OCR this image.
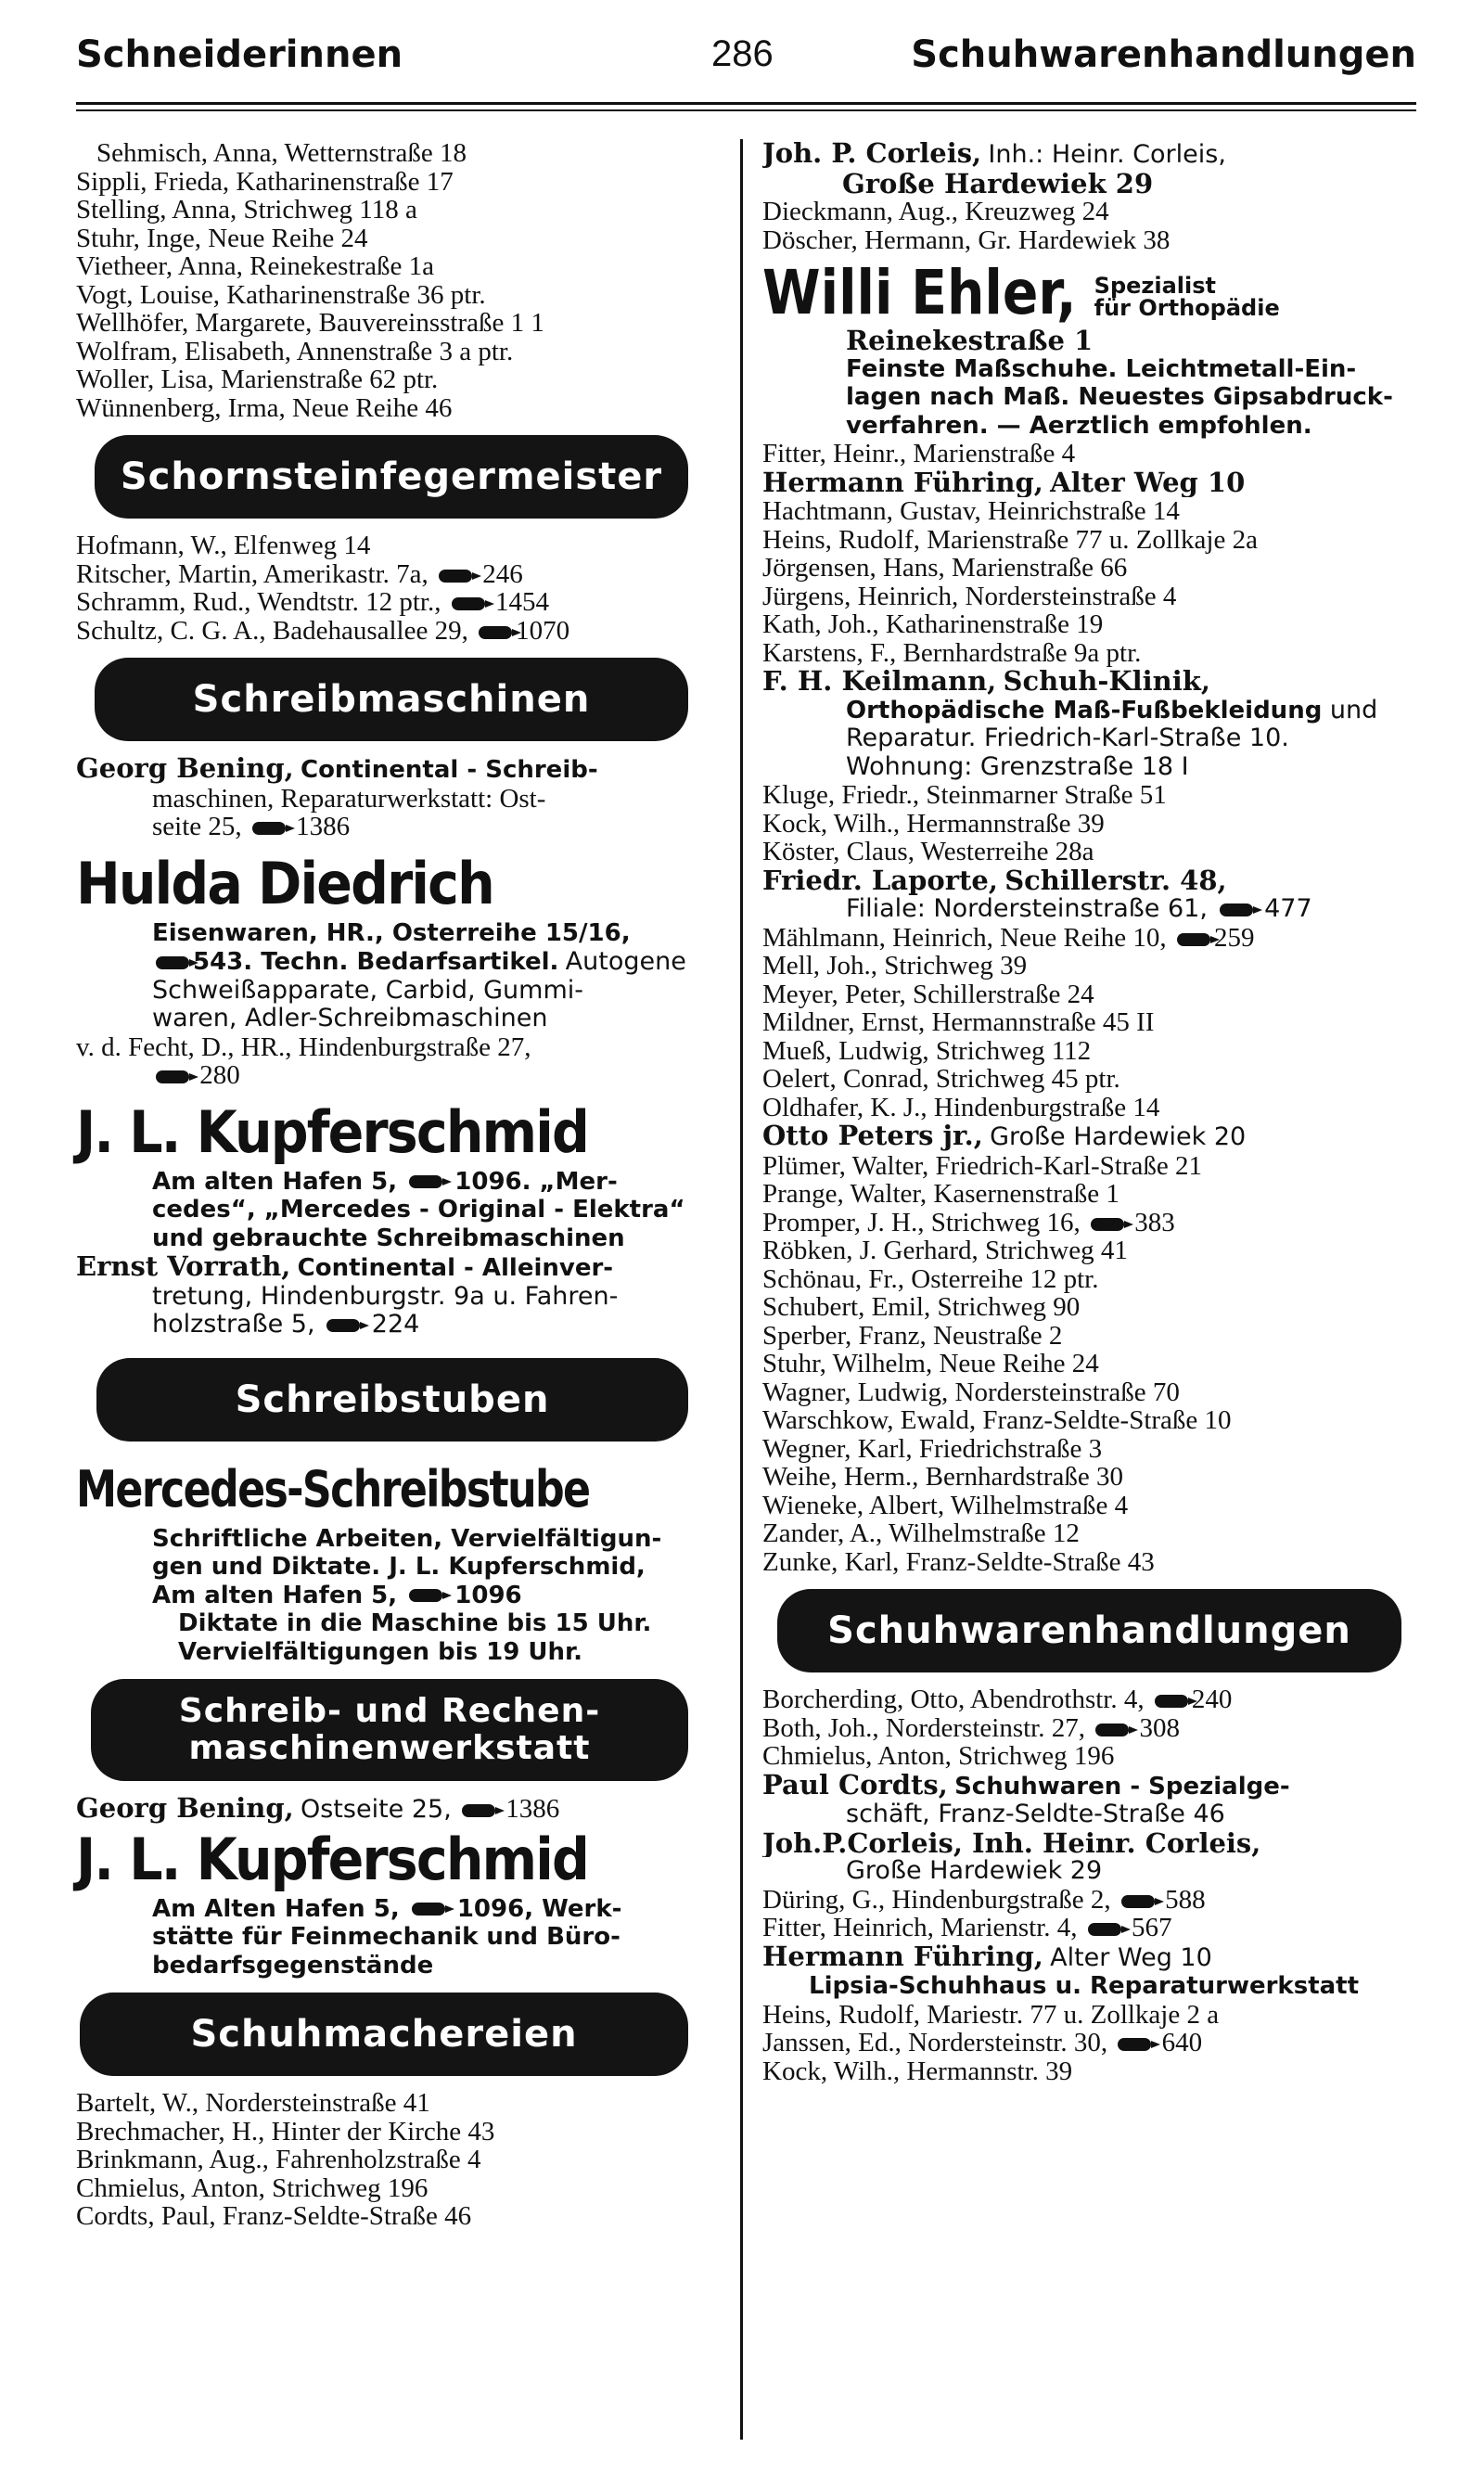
Schneiderinnen	286	Schuhwarenhandlungen
Sehmisch, Anna, Wetternstraße 18
Sippli, Frieda, Katharinenstraße 17
Stelling, Anna, Strichweg 118 a
Stuhr, Inge, Neue Reihe 24
Vietheer, Anna, Reinekestraße 1a
Vogt, Louise, Katharinenstraße 36 ptr.
Wellhöfer, Margarete, Bauvereinsstraße 1 1
Wolfram, Elisabeth, Annenstraße 3 a ptr.
Woller, Lisa, Marienstraße 62 ptr.
Wünnenberg, Irma, Neue Reihe 46
Schornsteinfegermeister
Hofmann, W., Elfenweg 14
Ritscher, Martin, Amerikastr. 7a, 246
Schramm, Rud., Wendtstr. 12 ptr., 1454
Schultz, C. G. A., Badehausallee 29, 1070
Schreibmaschinen
Georg Bening, Continental - Schreib-
maschinen, Reparaturwerkstatt: Ost-
seite 25, 1386
Hulda Diedrich
Eisenwaren, HR., Osterreihe 15/16,
543. Techn. Bedarfsartikel. Autogene
Schweißapparate, Carbid, Gummi-
waren, Adler-Schreibmaschinen
v. d. Fecht, D., HR., Hindenburgstraße 27,
280
J. L. Kupferschmid
Am alten Hafen 5, 1096. „Mer-
cedes“, „Mercedes - Original - Elektra“
und gebrauchte Schreibmaschinen
Ernst Vorrath, Continental - Alleinver-
tretung, Hindenburgstr. 9a u. Fahren-
holzstraße 5, 224
Schreibstuben
Mercedes-Schreibstube
Schriftliche Arbeiten, Vervielfältigun-
gen und Diktate. J. L. Kupferschmid,
Am alten Hafen 5, 1096
Diktate in die Maschine bis 15 Uhr.
Vervielfältigungen bis 19 Uhr.
Schreib- und Rechen-
maschinenwerkstatt
Georg Bening, Ostseite 25, 1386
J. L. Kupferschmid
Am Alten Hafen 5, 1096, Werk-
stätte für Feinmechanik und Büro-
bedarfsgegenstände
Schuhmachereien
Bartelt, W., Nordersteinstraße 41
Brechmacher, H., Hinter der Kirche 43
Brinkmann, Aug., Fahrenholzstraße 4
Chmielus, Anton, Strichweg 196
Cordts, Paul, Franz-Seldte-Straße 46
Joh. P. Corleis, Inh.: Heinr. Corleis,
Große Hardewiek 29
Dieckmann, Aug., Kreuzweg 24
Döscher, Hermann, Gr. Hardewiek 38
Willi Ehler, Spezialist
für Orthopädie
Reinekestraße 1
Feinste Maßschuhe. Leichtmetall-Ein-
lagen nach Maß. Neuestes Gipsabdruck-
verfahren. — Aerztlich empfohlen.
Fitter, Heinr., Marienstraße 4
Hermann Führing, Alter Weg 10
Hachtmann, Gustav, Heinrichstraße 14
Heins, Rudolf, Marienstraße 77 u. Zollkaje 2a
Jörgensen, Hans, Marienstraße 66
Jürgens, Heinrich, Nordersteinstraße 4
Kath, Joh., Katharinenstraße 19
Karstens, F., Bernhardstraße 9a ptr.
F. H. Keilmann, Schuh-Klinik,
Orthopädische Maß-Fußbekleidung und
Reparatur. Friedrich-Karl-Straße 10.
Wohnung: Grenzstraße 18 I
Kluge, Friedr., Steinmarner Straße 51
Kock, Wilh., Hermannstraße 39
Köster, Claus, Westerreihe 28a
Friedr. Laporte, Schillerstr. 48,
Filiale: Nordersteinstraße 61, 477
Mählmann, Heinrich, Neue Reihe 10, 259
Mell, Joh., Strichweg 39
Meyer, Peter, Schillerstraße 24
Mildner, Ernst, Hermannstraße 45 II
Mueß, Ludwig, Strichweg 112
Oelert, Conrad, Strichweg 45 ptr.
Oldhafer, K. J., Hindenburgstraße 14
Otto Peters jr., Große Hardewiek 20
Plümer, Walter, Friedrich-Karl-Straße 21
Prange, Walter, Kasernenstraße 1
Promper, J. H., Strichweg 16, 383
Röbken, J. Gerhard, Strichweg 41
Schönau, Fr., Osterreihe 12 ptr.
Schubert, Emil, Strichweg 90
Sperber, Franz, Neustraße 2
Stuhr, Wilhelm, Neue Reihe 24
Wagner, Ludwig, Nordersteinstraße 70
Warschkow, Ewald, Franz-Seldte-Straße 10
Wegner, Karl, Friedrichstraße 3
Weihe, Herm., Bernhardstraße 30
Wieneke, Albert, Wilhelmstraße 4
Zander, A., Wilhelmstraße 12
Zunke, Karl, Franz-Seldte-Straße 43
Schuhwarenhandlungen
Borcherding, Otto, Abendrothstr. 4, 240
Both, Joh., Nordersteinstr. 27, 308
Chmielus, Anton, Strichweg 196
Paul Cordts, Schuhwaren - Spezialge-
schäft, Franz-Seldte-Straße 46
Joh.P.Corleis, Inh. Heinr. Corleis,
Große Hardewiek 29
Düring, G., Hindenburgstraße 2, 588
Fitter, Heinrich, Marienstr. 4, 567
Hermann Führing, Alter Weg 10
Lipsia-Schuhhaus u. Reparaturwerkstatt
Heins, Rudolf, Mariestr. 77 u. Zollkaje 2 a
Janssen, Ed., Nordersteinstr. 30, 640
Kock, Wilh., Hermannstr. 39
